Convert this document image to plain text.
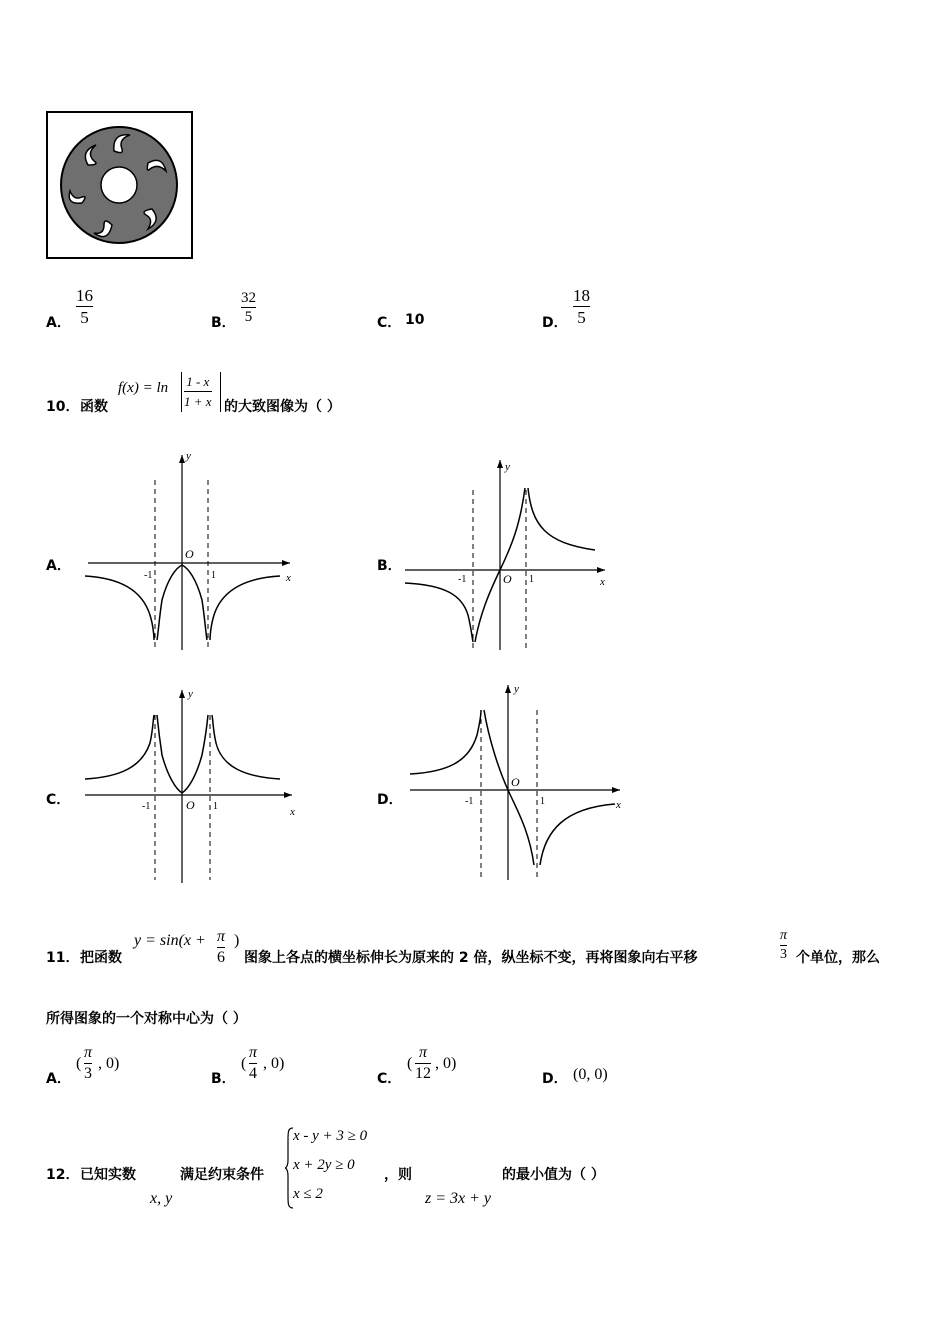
A．
16
5	B．
32
5	C． 10	D．
18
5
10． 函数
f(x) = ln 1 - x
1 + x 的大致图像为（ ）
A．
y
x
O
-1	1
B．
y
x
O
-1	1
C．
y
x
O
-1	1	D．
y
x
O
-1	1
11． 把函数
y = sin(x + π
6
)
图象上各点的横坐标伸长为原来的 2 倍，纵坐标不变，再将图象向右平移
π
3 个单位，那么
所得图象的一个对称中心为（ ）
A．
(
π
3
, 0)
B．
(
π
4
, 0)
C．
(
π
12
, 0)
D． (0, 0)
12． 已知实数
x, y
满足约束条件
x - y + 3 ≥ 0
x + 2y ≥ 0
x ≤ 2
，则
z = 3x + y
的最小值为（ ）
